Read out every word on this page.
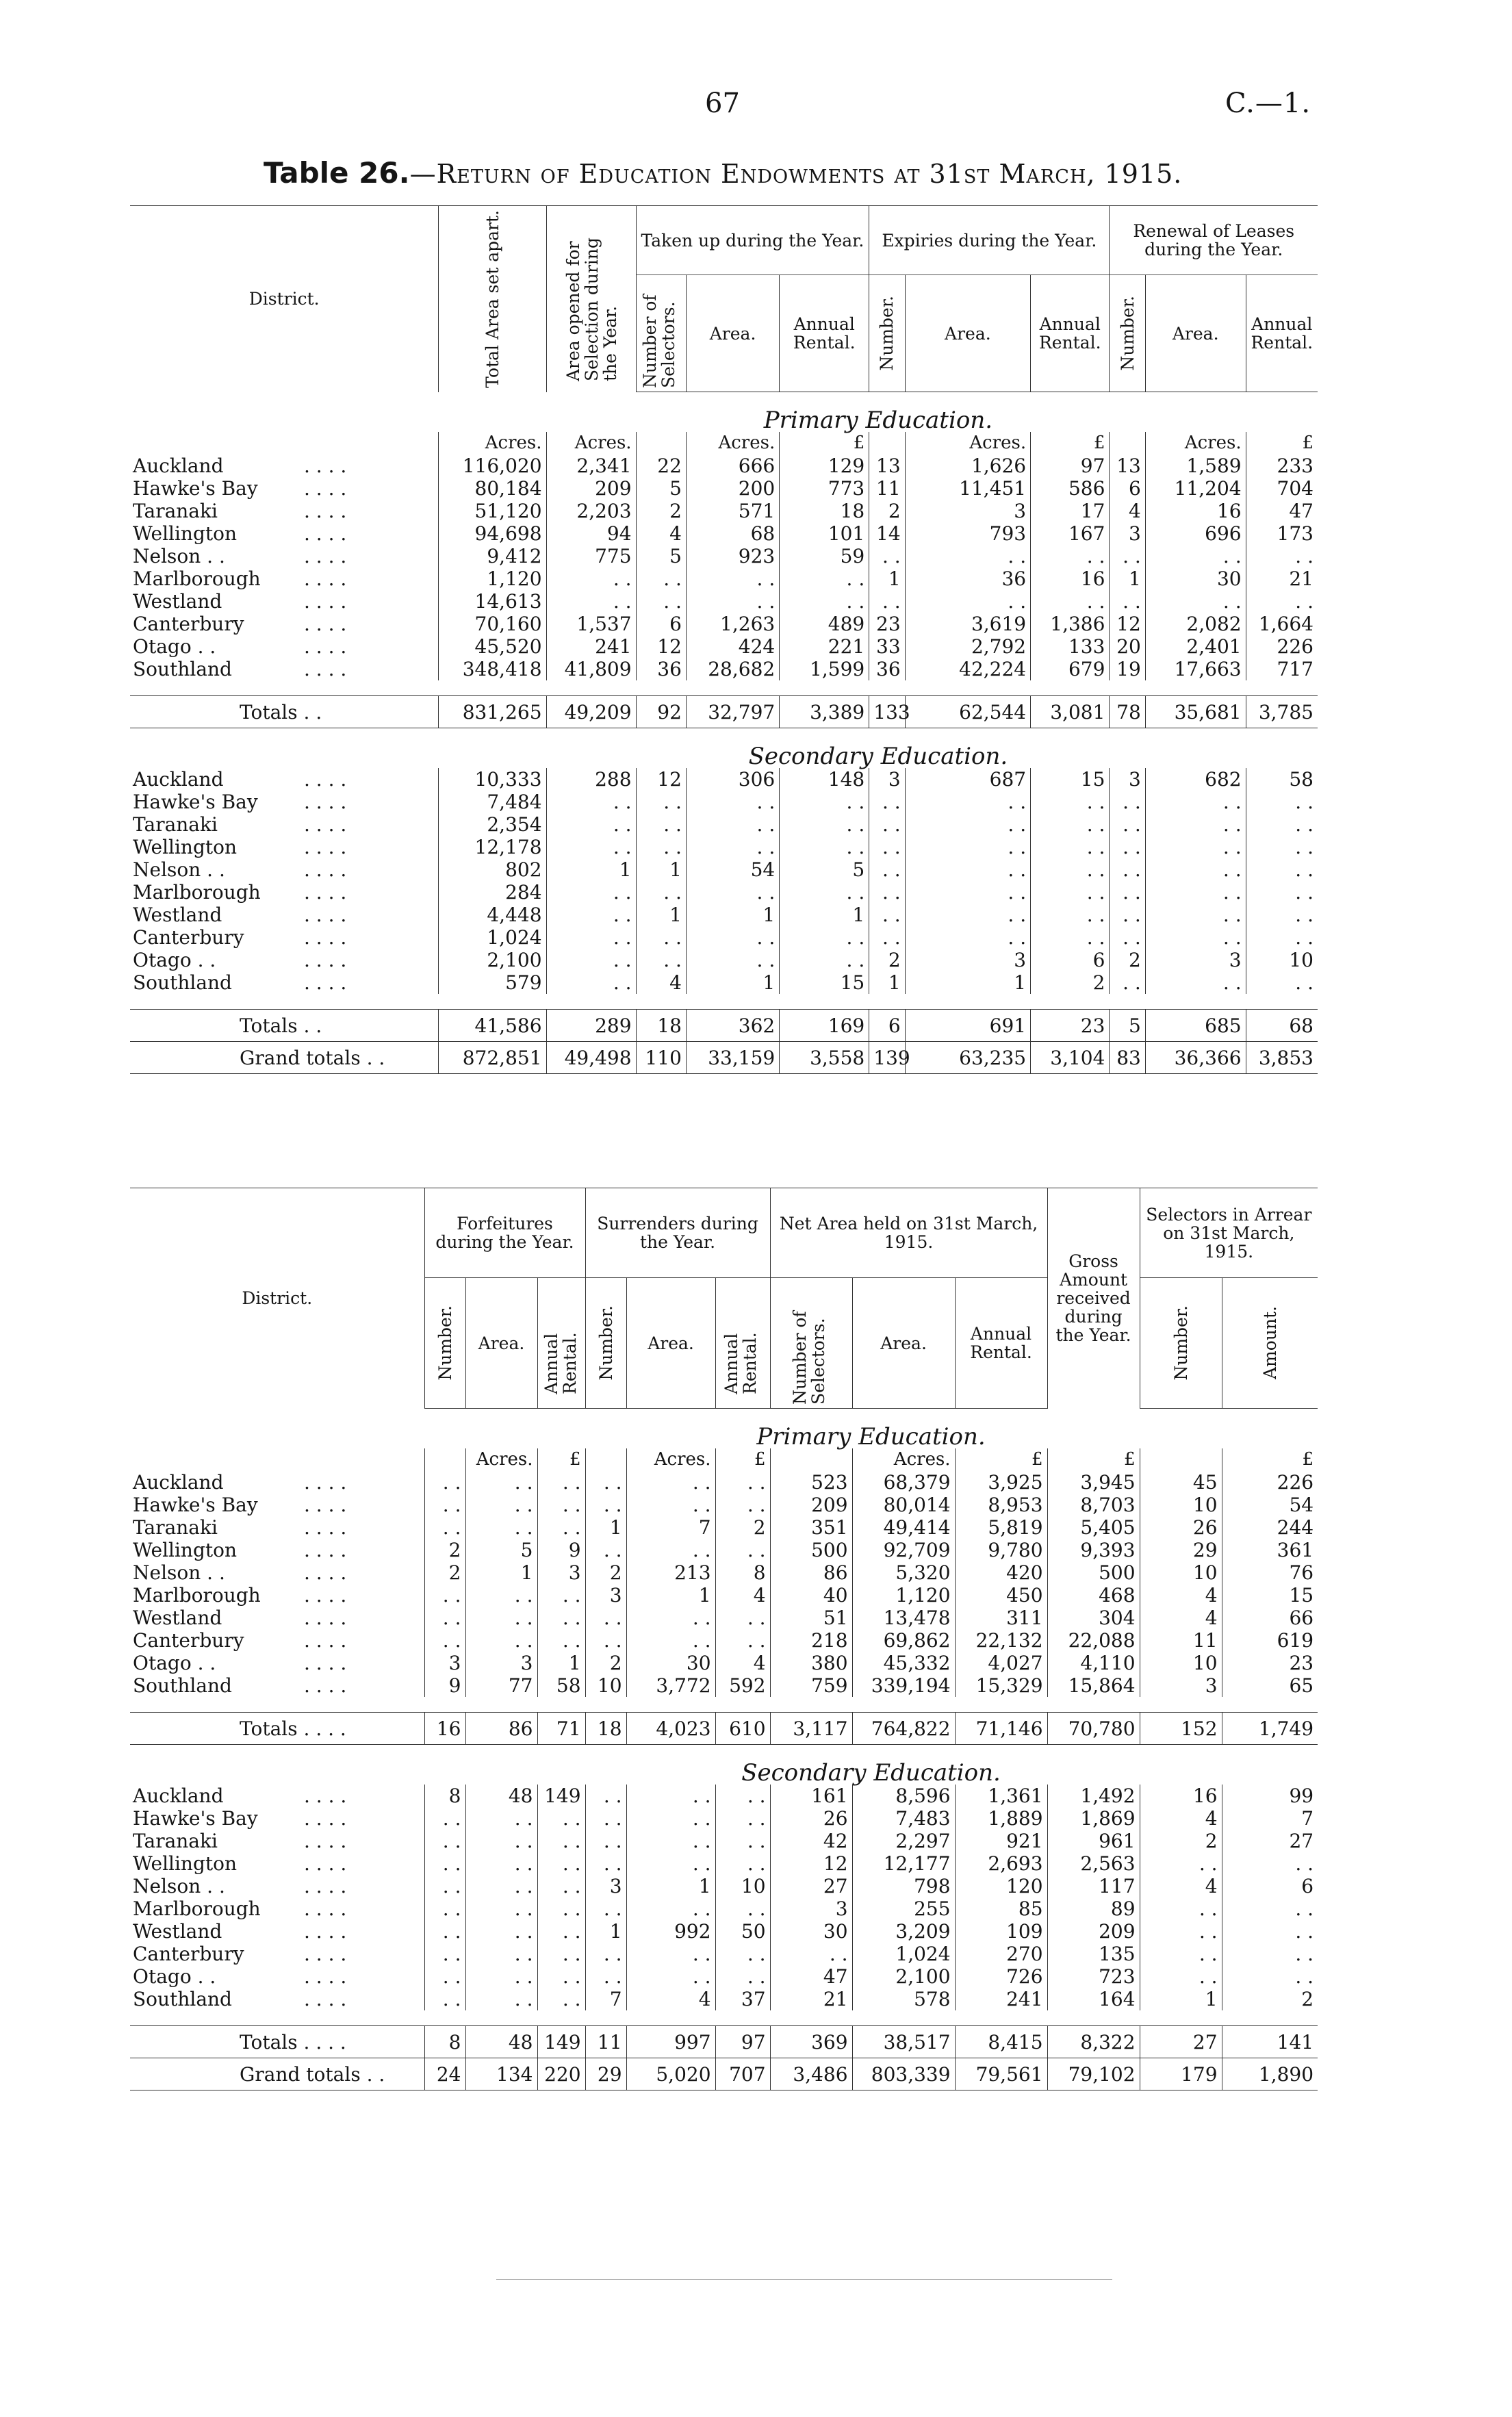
67	C.—1.
Table 26.—Return of Education Endowments at 31st March, 1915.
District.	Total Area set apart.	Area opened for Selection during the Year.	Taken up during the Year.			Expiries during the Year.			Renewal of Leases during the Year.		

			Number of Selectors.	Area.	Annual Rental.	Number.	Area.	Annual Rental.	Number.	Area.	Annual Rental.
	Primary Education.										
	Acres.	Acres.		Acres.	£		Acres.	£		Acres.	£
Auckland . . . .	116,020	2,341	22	666	129	13	1,626	97	13	1,589	233
Hawke's Bay . . . .	80,184	209	5	200	773	11	11,451	586	6	11,204	704
Taranaki . . . .	51,120	2,203	2	571	18	2	3	17	4	16	47
Wellington . . . .	94,698	94	4	68	101	14	793	167	3	696	173
Nelson . . . . . .	9,412	775	5	923	59	. .	. .	. .	. .	. .	. .
Marlborough . . . .	1,120	. .	. .	. .	. .	1	36	16	1	30	21
Westland . . . .	14,613	. .	. .	. .	. .	. .	. .	. .	. .	. .	. .
Canterbury . . . .	70,160	1,537	6	1,263	489	23	3,619	1,386	12	2,082	1,664
Otago . . . . . .	45,520	241	12	424	221	33	2,792	133	20	2,401	226
Southland . . . .	348,418	41,809	36	28,682	1,599	36	42,224	679	19	17,663	717

Totals . .	831,265	49,209	92	32,797	3,389	133	62,544	3,081	78	35,681	3,785
	Secondary Education.										
Auckland . . . .	10,333	288	12	306	148	3	687	15	3	682	58
Hawke's Bay . . . .	7,484	. .	. .	. .	. .	. .	. .	. .	. .	. .	. .
Taranaki . . . .	2,354	. .	. .	. .	. .	. .	. .	. .	. .	. .	. .
Wellington . . . .	12,178	. .	. .	. .	. .	. .	. .	. .	. .	. .	. .
Nelson . . . . . .	802	1	1	54	5	. .	. .	. .	. .	. .	. .
Marlborough . . . .	284	. .	. .	. .	. .	. .	. .	. .	. .	. .	. .
Westland . . . .	4,448	. .	1	1	1	. .	. .	. .	. .	. .	. .
Canterbury . . . .	1,024	. .	. .	. .	. .	. .	. .	. .	. .	. .	. .
Otago . . . . . .	2,100	. .	. .	. .	. .	2	3	6	2	3	10
Southland . . . .	579	. .	4	1	15	1	1	2	. .	. .	. .

Totals . .	41,586	289	18	362	169	6	691	23	5	685	68
Grand totals . .	872,851	49,498	110	33,159	3,558	139	63,235	3,104	83	36,366	3,853
District.	Forfeitures during the Year.			Surrenders during the Year.			Net Area held on 31st March, 1915.			Gross Amount received during the Year.	Selectors in Arrear on 31st March, 1915.	

	Number.	Area.	Annual Rental.	Number.	Area.	Annual Rental.	Number of Selectors.	Area.	Annual Rental.		Number.	Amount.

	Primary Education.											
		Acres.	£		Acres.	£		Acres.	£	£		£
Auckland . . . .	. .	. .	. .	. .	. .	. .	523	68,379	3,925	3,945	45	226
Hawke's Bay . . . .	. .	. .	. .	. .	. .	. .	209	80,014	8,953	8,703	10	54
Taranaki . . . .	. .	. .	. .	1	7	2	351	49,414	5,819	5,405	26	244
Wellington . . . .	2	5	9	. .	. .	. .	500	92,709	9,780	9,393	29	361
Nelson . . . . . .	2	1	3	2	213	8	86	5,320	420	500	10	76
Marlborough . . . .	. .	. .	. .	3	1	4	40	1,120	450	468	4	15
Westland . . . .	. .	. .	. .	. .	. .	. .	51	13,478	311	304	4	66
Canterbury . . . .	. .	. .	. .	. .	. .	. .	218	69,862	22,132	22,088	11	619
Otago . . . . . .	3	3	1	2	30	4	380	45,332	4,027	4,110	10	23
Southland . . . .	9	77	58	10	3,772	592	759	339,194	15,329	15,864	3	65

Totals . . . .	16	86	71	18	4,023	610	3,117	764,822	71,146	70,780	152	1,749
	Secondary Education.											
Auckland . . . .	8	48	149	. .	. .	. .	161	8,596	1,361	1,492	16	99
Hawke's Bay . . . .	. .	. .	. .	. .	. .	. .	26	7,483	1,889	1,869	4	7
Taranaki . . . .	. .	. .	. .	. .	. .	. .	42	2,297	921	961	2	27
Wellington . . . .	. .	. .	. .	. .	. .	. .	12	12,177	2,693	2,563	. .	. .
Nelson . . . . . .	. .	. .	. .	3	1	10	27	798	120	117	4	6
Marlborough . . . .	. .	. .	. .	. .	. .	. .	3	255	85	89	. .	. .
Westland . . . .	. .	. .	. .	1	992	50	30	3,209	109	209	. .	. .
Canterbury . . . .	. .	. .	. .	. .	. .	. .	. .	1,024	270	135	. .	. .
Otago . . . . . .	. .	. .	. .	. .	. .	. .	47	2,100	726	723	. .	. .
Southland . . . .	. .	. .	. .	7	4	37	21	578	241	164	1	2

Totals . . . .	8	48	149	11	997	97	369	38,517	8,415	8,322	27	141
Grand totals . .	24	134	220	29	5,020	707	3,486	803,339	79,561	79,102	179	1,890
